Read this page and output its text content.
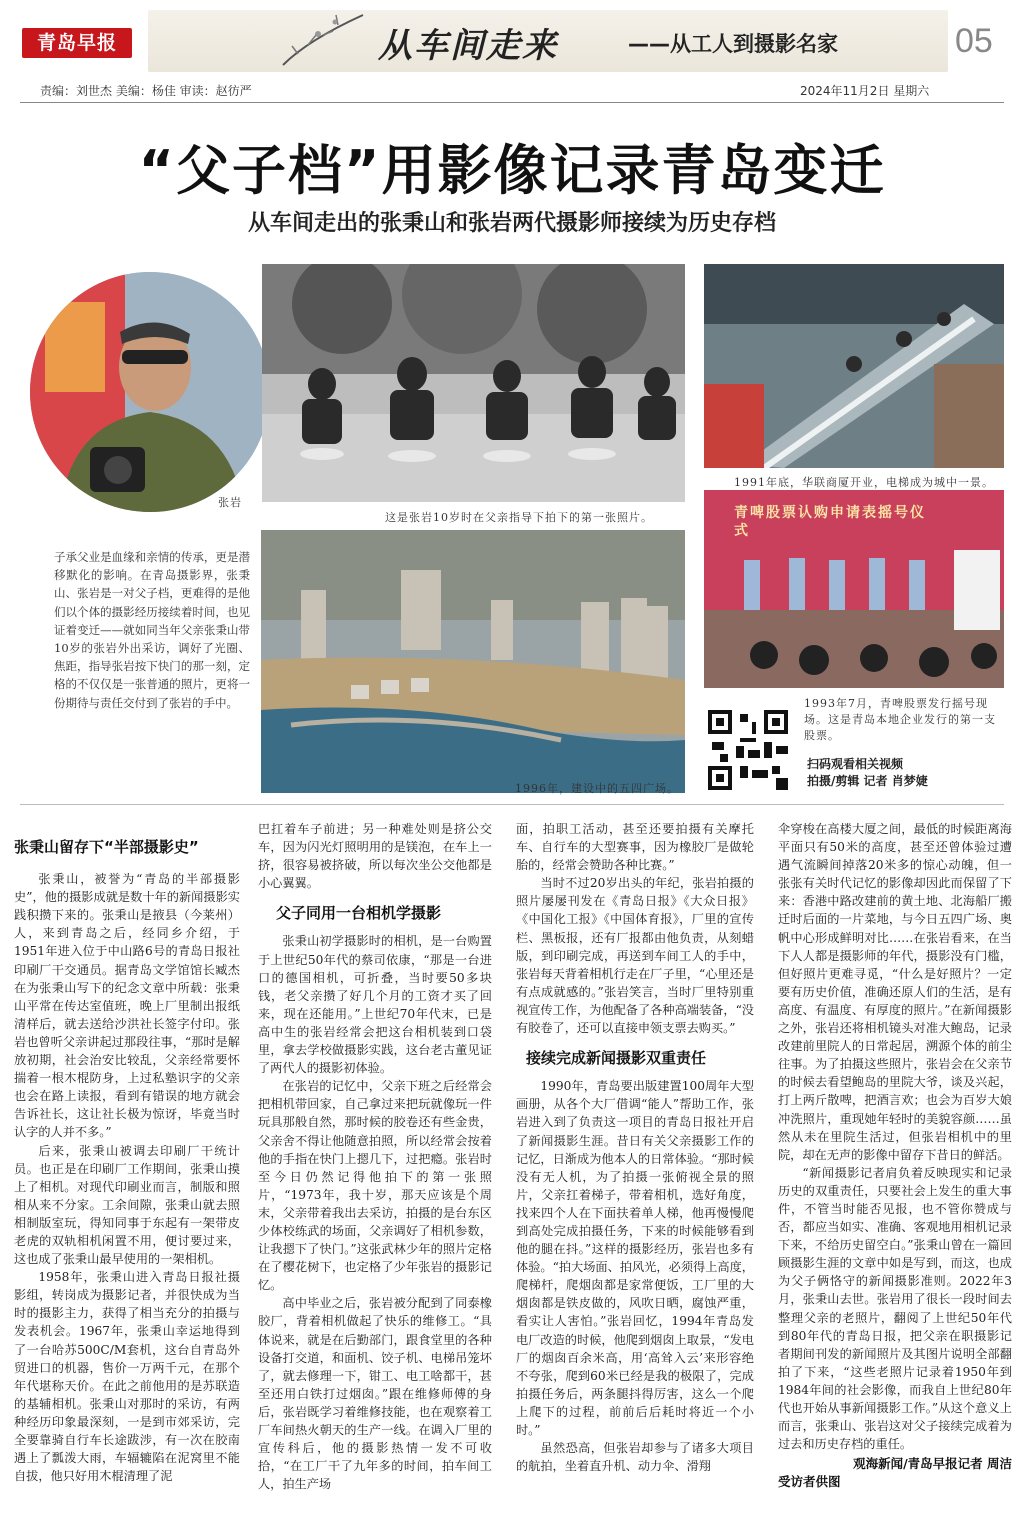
青岛早报	从车间走来	——从工人到摄影名家	05
责编：刘世杰 美编：杨佳 审读：赵彷严	2024年11月2日 星期六
“父子档”用影像记录青岛变迁
从车间走出的张秉山和张岩两代摄影师接续为历史存档
张岩
这是张岩10岁时在父亲指导下拍下的第一张照片。
1991年底，华联商厦开业，电梯成为城中一景。
1996年，建设中的五四广场。
青啤股票认购申请表摇号仪式
1993年7月，青啤股票发行摇号现场。这是青岛本地企业发行的第一支股票。
子承父业是血缘和亲情的传承，更是潜移默化的影响。在青岛摄影界，张秉山、张岩是一对父子档，更难得的是他们以个体的摄影经历接续着时间，也见证着变迁——就如同当年父亲张秉山带10岁的张岩外出采访，调好了光圈、焦距，指导张岩按下快门的那一刻，定格的不仅仅是一张普通的照片，更将一份期待与责任交付到了张岩的手中。
扫码观看相关视频
拍摄/剪辑 记者 肖梦婕
张秉山留存下“半部摄影史”

张秉山，被誉为“青岛的半部摄影史”，他的摄影成就是数十年的新闻摄影实践积攒下来的。张秉山是掖县（今莱州）人，来到青岛之后，经同乡介绍，于1951年进入位于中山路6号的青岛日报社印刷厂干交通员。据青岛文学馆馆长臧杰在为张秉山写下的纪念文章中所载：张秉山平常在传达室值班，晚上厂里制出报纸清样后，就去送给沙洪社长签字付印。张岩也曾听父亲讲起过那段往事，“那时是解放初期，社会治安比较乱，父亲经常要怀揣着一根木棍防身，上过私塾识字的父亲也会在路上读报，看到有错误的地方就会告诉社长，这让社长极为惊讶，毕竟当时认字的人并不多。”

后来，张秉山被调去印刷厂干统计员。也正是在印刷厂工作期间，张秉山摸上了相机。对现代印刷业而言，制版和照相从来不分家。工余间隙，张秉山就去照相制版室玩，得知同事于东起有一架带皮老虎的双轨相机闲置不用，便讨要过来，这也成了张秉山最早使用的一架相机。

1958年，张秉山进入青岛日报社摄影组，转岗成为摄影记者，并很快成为当时的摄影主力，获得了相当充分的拍摄与发表机会。1967年，张秉山幸运地得到了一台哈苏500C/M套机，这台自青岛外贸进口的机器，售价一万两千元，在那个年代堪称天价。在此之前他用的是苏联造的基辅相机。张秉山对那时的采访，有两种经历印象最深刻，一是到市郊采访，完全要靠骑自行车长途跋涉，有一次在胶南遇上了瓢泼大雨，车辐辘陷在泥窝里不能自拔，他只好用木棍清理了泥

巴扛着车子前进；另一种难处则是挤公交车，因为闪光灯照明用的是镁泡，在车上一挤，很容易被挤破，所以每次坐公交他都是小心翼翼。

父子同用一台相机学摄影

张秉山初学摄影时的相机，是一台购置于上世纪50年代的蔡司依康，“那是一台进口的德国相机，可折叠，当时要50多块钱，老父亲攒了好几个月的工资才买了回来，现在还能用。”上世纪70年代末，已是高中生的张岩经常会把这台相机装到口袋里，拿去学校做摄影实践，这台老古董见证了两代人的摄影初体验。

在张岩的记忆中，父亲下班之后经常会把相机带回家，自己拿过来把玩就像玩一件玩具那般自然，那时候的胶卷还有些金贵，父亲舍不得让他随意拍照，所以经常会按着他的手指在快门上摁几下，过把瘾。张岩时至今日仍然记得他拍下的第一张照片，“1973年，我十岁，那天应该是个周末，父亲带着我出去采访，拍摄的是台东区少体校练武的场面，父亲调好了相机参数，让我摁下了快门。”这张武林少年的照片定格在了樱花树下，也定格了少年张岩的摄影记忆。

高中毕业之后，张岩被分配到了同泰橡胶厂，背着相机做起了快乐的维修工。“具体说来，就是在后勤部门，跟食堂里的各种设备打交道，和面机、饺子机、电梯吊笼坏了，就去修理一下，钳工、电工啥都干，甚至还用白铁打过烟囱。”跟在维修师傅的身后，张岩既学习着维修技能，也在观察着工厂车间热火朝天的生产一线。在调入厂里的宣传科后，他的摄影热情一发不可收拾，“在工厂干了九年多的时间，拍车间工人，拍生产场

面，拍职工活动，甚至还要拍摄有关摩托车、自行车的大型赛事，因为橡胶厂是做轮胎的，经常会赞助各种比赛。”

当时不过20岁出头的年纪，张岩拍摄的照片屡屡刊发在《青岛日报》《大众日报》《中国化工报》《中国体育报》，厂里的宣传栏、黑板报，还有厂报都由他负责，从刻蜡版，到印刷完成，再送到车间工人的手中，张岩每天背着相机行走在厂子里，“心里还是有点成就感的。”张岩笑言，当时厂里特别重视宣传工作，为他配备了各种高端装备，“没有胶卷了，还可以直接申领支票去购买。”

接续完成新闻摄影双重责任

1990年，青岛要出版建置100周年大型画册，从各个大厂借调“能人”帮助工作，张岩进入到了负责这一项目的青岛日报社开启了新闻摄影生涯。昔日有关父亲摄影工作的记忆，日渐成为他本人的日常体验。“那时候没有无人机，为了拍摄一张俯视全景的照片，父亲扛着梯子，带着相机，选好角度，找来四个人在下面扶着单人梯，他再慢慢爬到高处完成拍摄任务，下来的时候能够看到他的腿在抖。”这样的摄影经历，张岩也多有体验。“拍大场面、拍风光，必须得上高度，爬梯杆，爬烟囱都是家常便饭，工厂里的大烟囱都是铁皮做的，风吹日晒，腐蚀严重，看实让人害怕。”张岩回忆，1994年青岛发电厂改造的时候，他爬到烟囱上取景，“发电厂的烟囱百余米高，用‘高耸入云’来形容绝不夸张，爬到60米已经是我的极限了，完成拍摄任务后，两条腿抖得厉害，这么一个爬上爬下的过程，前前后后耗时将近一个小时。”

虽然恐高，但张岩却参与了诸多大项目的航拍，坐着直升机、动力伞、滑翔

伞穿梭在高楼大厦之间，最低的时候距离海平面只有50米的高度，甚至还曾体验过遭遇气流瞬间掉落20米多的惊心动魄，但一张张有关时代记忆的影像却因此而保留了下来：香港中路改建前的黄土地、北海船厂搬迁时后面的一片菜地，与今日五四广场、奥帆中心形成鲜明对比……在张岩看来，在当下人人都是摄影师的年代，摄影没有门槛，但好照片更难寻觅，“什么是好照片？一定要有历史价值，准确还原人们的生活，是有高度、有温度、有厚度的照片。”在新闻摄影之外，张岩还将相机镜头对准大鲍岛，记录改建前里院人的日常起居，溯源个体的前尘往事。为了拍摄这些照片，张岩会在父亲节的时候去看望鲍岛的里院大爷，谈及兴起，打上两斤散啤，把酒言欢；也会为百岁大娘冲洗照片，重现她年轻时的美貌容颜……虽然从未在里院生活过，但张岩相机中的里院，却在无声的影像中留存下昔日的鲜活。

“新闻摄影记者肩负着反映现实和记录历史的双重责任，只要社会上发生的重大事件，不管当时能否见报，也不管你赞成与否，都应当如实、准确、客观地用相机记录下来，不给历史留空白。”张秉山曾在一篇回顾摄影生涯的文章中如是写到，而这，也成为父子俩恪守的新闻摄影准则。2022年3月，张秉山去世。张岩用了很长一段时间去整理父亲的老照片，翻阅了上世纪50年代到80年代的青岛日报，把父亲在职摄影记者期间刊发的新闻照片及其图片说明全部翻拍了下来，“这些老照片记录着1950年到1984年间的社会影像，而我自上世纪80年代也开始从事新闻摄影工作。”从这个意义上而言，张秉山、张岩这对父子接续完成着为过去和历史存档的重任。

观海新闻/青岛早报记者 周洁
受访者供图
